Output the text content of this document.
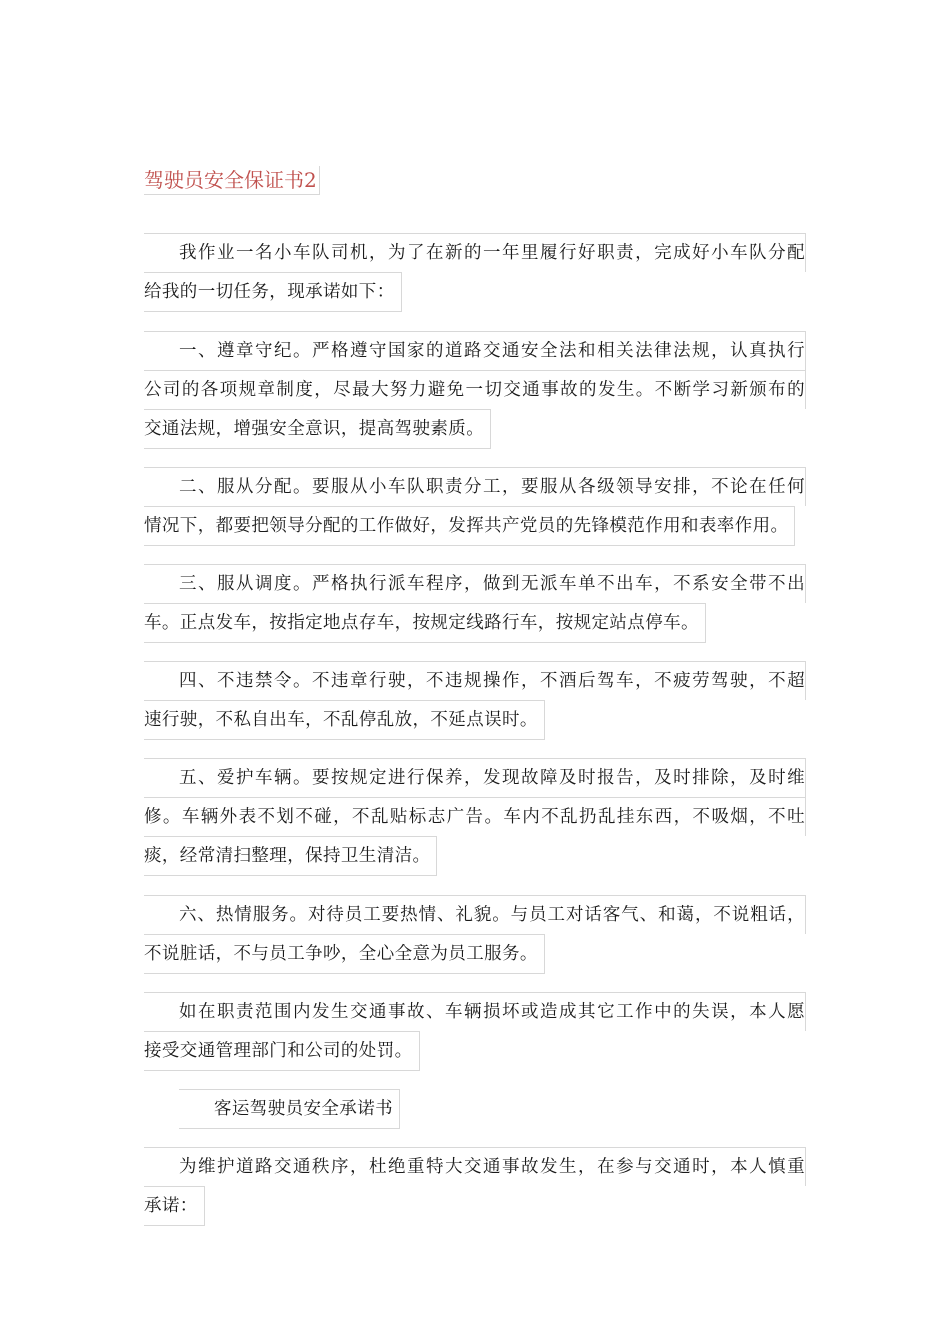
驾驶员安全保证书2
我作业一名小车队司机，为了在新的一年里履行好职责，完成好小车队分配
给我的一切任务，现承诺如下：
一、遵章守纪。严格遵守国家的道路交通安全法和相关法律法规，认真执行
公司的各项规章制度，尽最大努力避免一切交通事故的发生。不断学习新颁布的
交通法规，增强安全意识，提高驾驶素质。
二、服从分配。要服从小车队职责分工，要服从各级领导安排，不论在任何
情况下，都要把领导分配的工作做好，发挥共产党员的先锋模范作用和表率作用。
三、服从调度。严格执行派车程序，做到无派车单不出车，不系安全带不出
车。正点发车，按指定地点存车，按规定线路行车，按规定站点停车。
四、不违禁令。不违章行驶，不违规操作，不酒后驾车，不疲劳驾驶，不超
速行驶，不私自出车，不乱停乱放，不延点误时。
五、爱护车辆。要按规定进行保养，发现故障及时报告，及时排除，及时维
修。车辆外表不划不碰，不乱贴标志广告。车内不乱扔乱挂东西，不吸烟，不吐
痰，经常清扫整理，保持卫生清洁。
六、热情服务。对待员工要热情、礼貌。与员工对话客气、和蔼，不说粗话，
不说脏话，不与员工争吵，全心全意为员工服务。
如在职责范围内发生交通事故、车辆损坏或造成其它工作中的失误，本人愿
接受交通管理部门和公司的处罚。
客运驾驶员安全承诺书
为维护道路交通秩序，杜绝重特大交通事故发生，在参与交通时，本人慎重
承诺：
